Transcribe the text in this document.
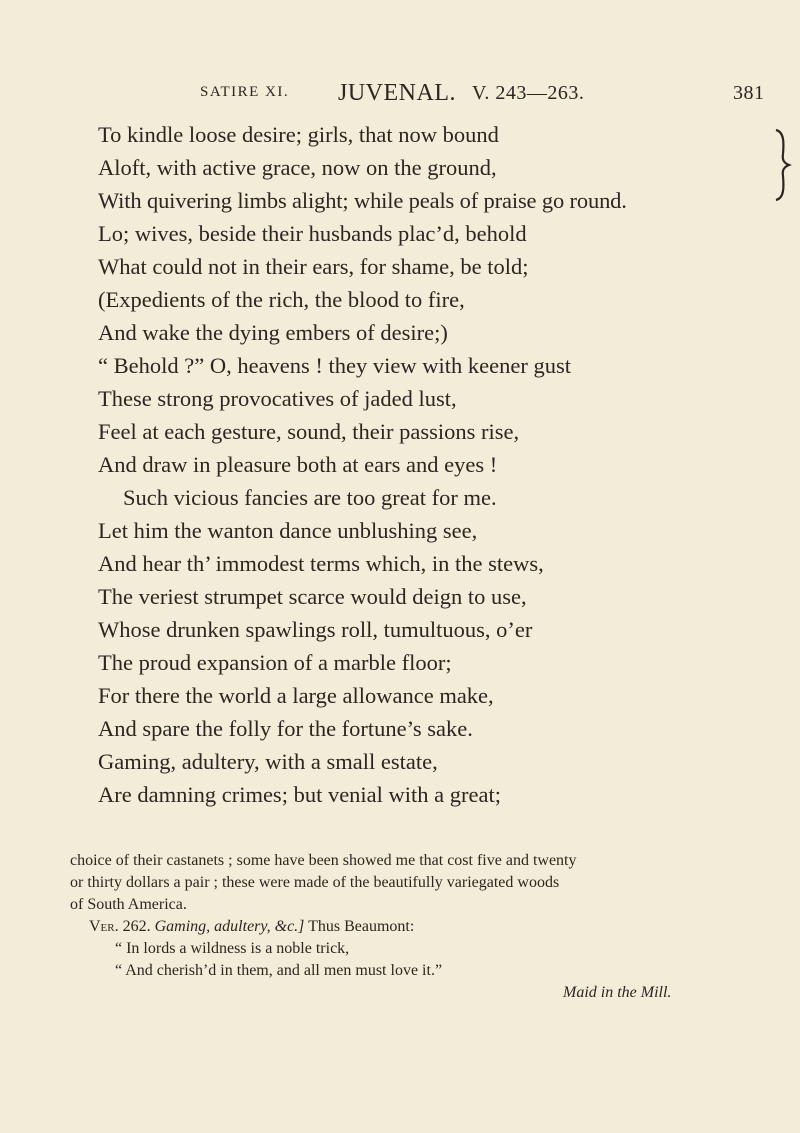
SATIRE XI. JUVENAL. V. 243—263.	381
To kindle loose desire; girls, that now bound
Aloft, with active grace, now on the ground,
With quivering limbs alight; while peals of praise go round.
Lo; wives, beside their husbands plac’d, behold
What could not in their ears, for shame, be told;
(Expedients of the rich, the blood to fire,
And wake the dying embers of desire;)
“ Behold ?” O, heavens ! they view with keener gust
These strong provocatives of jaded lust,
Feel at each gesture, sound, their passions rise,
And draw in pleasure both at ears and eyes !
Such vicious fancies are too great for me.
Let him the wanton dance unblushing see,
And hear th’ immodest terms which, in the stews,
The veriest strumpet scarce would deign to use,
Whose drunken spawlings roll, tumultuous, o’er
The proud expansion of a marble floor;
For there the world a large allowance make,
And spare the folly for the fortune’s sake.
Gaming, adultery, with a small estate,
Are damning crimes; but venial with a great;
choice of their castanets ; some have been showed me that cost five and twenty
or thirty dollars a pair ; these were made of the beautifully variegated woods
of South America.
Ver. 262. Gaming, adultery, &c.] Thus Beaumont:
“ In lords a wildness is a noble trick,
“ And cherish’d in them, and all men must love it.”
Maid in the Mill.
